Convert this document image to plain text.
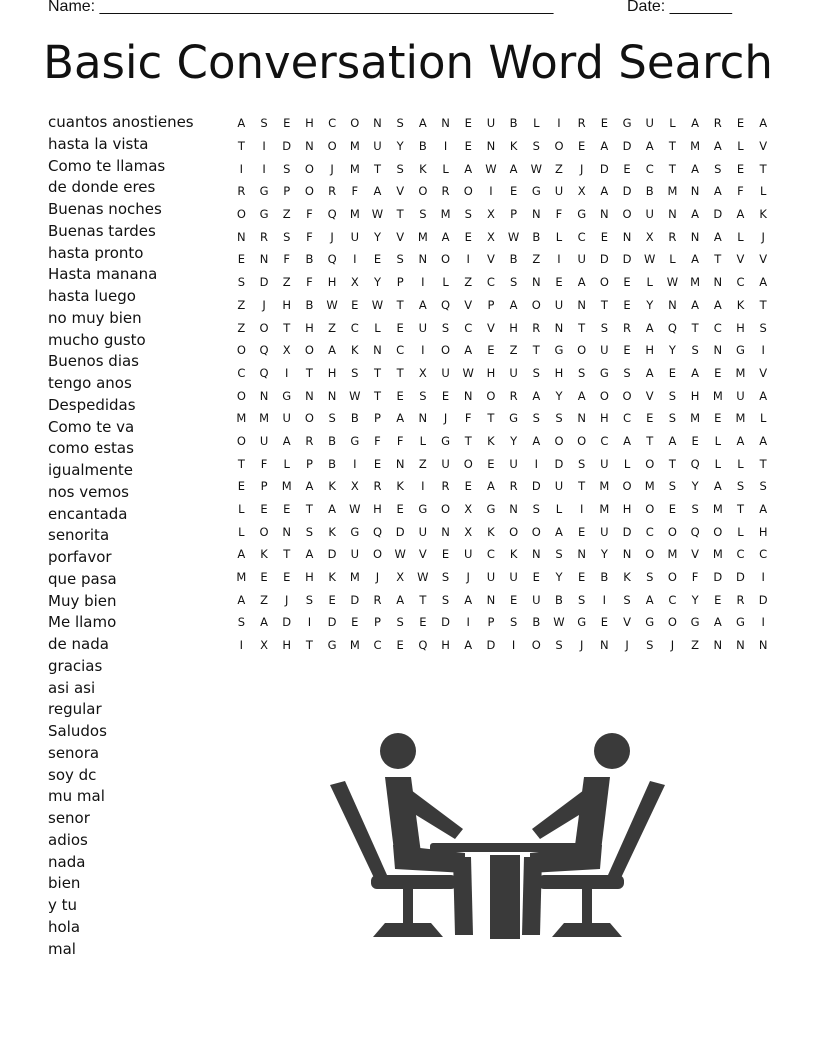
Name: ___________________________________________________	Date: _______
Basic Conversation Word Search
cuantos anostienes
hasta la vista
Como te llamas
de donde eres
Buenas noches
Buenas tardes
hasta pronto
Hasta manana
hasta luego
no muy bien
mucho gusto
Buenos dias
tengo anos
Despedidas
Como te va
como estas
igualmente
nos vemos
encantada
senorita
porfavor
que pasa
Muy bien
Me llamo
de nada
gracias
asi asi
regular
Saludos
senora
soy dc
mu mal
senor
adios
nada
bien
y tu
hola
mal
A	S	E	H	C	O	N	S	A	N	E	U	B	L	I	R	E	G	U	L	A	R	E	A
T	I	D	N	O	M	U	Y	B	I	E	N	K	S	O	E	A	D	A	T	M	A	L	V
I	I	S	O	J	M	T	S	K	L	A	W	A	W	Z	J	D	E	C	T	A	S	E	T
R	G	P	O	R	F	A	V	O	R	O	I	E	G	U	X	A	D	B	M	N	A	F	L
O	G	Z	F	Q	M	W	T	S	M	S	X	P	N	F	G	N	O	U	N	A	D	A	K
N	R	S	F	J	U	Y	V	M	A	E	X	W	B	L	C	E	N	X	R	N	A	L	J
E	N	F	B	Q	I	E	S	N	O	I	V	B	Z	I	U	D	D	W	L	A	T	V	V
S	D	Z	F	H	X	Y	P	I	L	Z	C	S	N	E	A	O	E	L	W	M	N	C	A
Z	J	H	B	W	E	W	T	A	Q	V	P	A	O	U	N	T	E	Y	N	A	A	K	T
Z	O	T	H	Z	C	L	E	U	S	C	V	H	R	N	T	S	R	A	Q	T	C	H	S
O	Q	X	O	A	K	N	C	I	O	A	E	Z	T	G	O	U	E	H	Y	S	N	G	I
C	Q	I	T	H	S	T	T	X	U	W	H	U	S	H	S	G	S	A	E	A	E	M	V
O	N	G	N	N	W	T	E	S	E	N	O	R	A	Y	A	O	O	V	S	H	M	U	A
M	M	U	O	S	B	P	A	N	J	F	T	G	S	S	N	H	C	E	S	M	E	M	L
O	U	A	R	B	G	F	F	L	G	T	K	Y	A	O	O	C	A	T	A	E	L	A	A
T	F	L	P	B	I	E	N	Z	U	O	E	U	I	D	S	U	L	O	T	Q	L	L	T
E	P	M	A	K	X	R	K	I	R	E	A	R	D	U	T	M	O	M	S	Y	A	S	S
L	E	E	T	A	W	H	E	G	O	X	G	N	S	L	I	M	H	O	E	S	M	T	A
L	O	N	S	K	G	Q	D	U	N	X	K	O	O	A	E	U	D	C	O	Q	O	L	H
A	K	T	A	D	U	O	W	V	E	U	C	K	N	S	N	Y	N	O	M	V	M	C	C
M	E	E	H	K	M	J	X	W	S	J	U	U	E	Y	E	B	K	S	O	F	D	D	I
A	Z	J	S	E	D	R	A	T	S	A	N	E	U	B	S	I	S	A	C	Y	E	R	D
S	A	D	I	D	E	P	S	E	D	I	P	S	B	W	G	E	V	G	O	G	A	G	I
I	X	H	T	G	M	C	E	Q	H	A	D	I	O	S	J	N	J	S	J	Z	N	N	N
